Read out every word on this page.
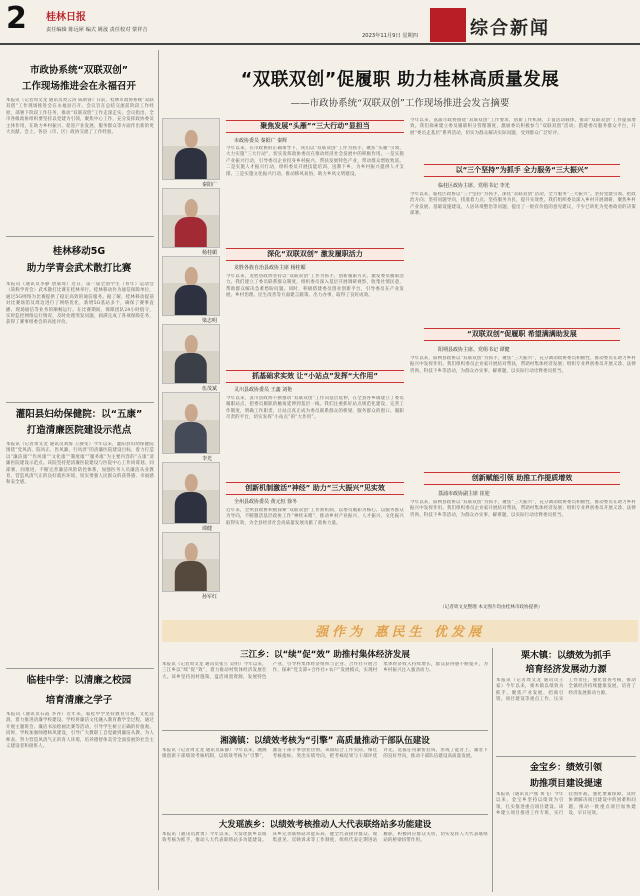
2 桂林日报
责任编辑 陈远犀 编式 姚晟 责任校对 蒙祥吉
2023年11月9日 星期四	综合新闻
市政协系统“双联双创”
工作现场推进会在永福召开
本报讯（记者周文龙 通讯员黄云涛 陈斯睿）日前，桂林市政协系统“双联双创”工作现场推进会在永福县召开。会议旨在总结交流前阶段工作经验，部署下阶段工作任务，推动“双联双创”工作走深走实。会议指出，全市各级政协组织要坚持以党建为引领，聚焦中心工作，充分发挥政协委员主体作用，在助力乡村振兴、促进产业发展、服务群众等方面作出新的更大贡献。会上，各县（市、区）政协交流了工作经验。
桂林移动5G
助力学青会武术散打比赛
本报讯（通讯员李静 唐嘉琦）近日，第一届全国学生（青年）运动会（简称学青会）武术散打比赛在桂林举行。桂林移动作为通信保障单位，通过5G网络为比赛提供了稳定高效的通信服务。据了解，桂林移动提前对比赛场馆及周边进行了网络优化，新增5G基站多个，确保了赛事直播、现场通信等业务的顺畅运行。在比赛期间，保障团队24小时值守，实时监控网络运行情况，及时处理突发问题，圆满完成了各项保障任务，获得了赛事组委会的高度评价。
灌阳县妇幼保健院：以“五康”
打造清廉医院建设示范点
本报讯（记者黄文龙 通讯员刘海 王静雯）今年以来，灌阳县妇幼保健院围绕“党风清、院风正、医风廉、行风淳”的清廉医院建设目标，着力打造以“廉洁康”“作风康”“文化康”“制度康”“服务康”为主要内容的“五康”清廉医院建设示范点。该院坚持把清廉医院建设与医院中心工作同谋划、同部署、同推进，不断完善廉洁风险防控体系，加强医务人员廉洁从业教育，营造风清气正的良好就医环境，切实增强人民群众的获得感、幸福感和安全感。
临桂中学：以清廉之校园
培育清廉之学子
本报讯（通讯员石霞 李谷）近年来，临桂中学坚持教育引领、文化浸润，着力推进清廉学校建设。学校将廉洁文化融入教育教学全过程，通过开展主题班会、廉洁书法绘画比赛等活动，引导学生树立正确的价值观。同时，学校加强师德师风建设，引导广大教职工自觉做到廉洁从教、为人师表，努力营造风清气正的育人环境，培养德智体美劳全面发展的社会主义建设者和接班人。
“双联双创”促履职 助力桂林高质量发展
——市政协系统“双联双创”工作现场推进会发言摘要
秦阳广
杨桂媚
梁志明
伍茂斌
李光
谭健
孙军红
聚焦发展“头雁”“三大行动”显担当
市政协委员 秦阳广 秦辉
今年以来，在市政协的正确领导下，我们以“双联双创”工作为抓手，聚焦“头雁”引领，大力实施“三大行动”，切实发挥政协委员在推动经济社会发展中的积极作用。一是实施产业振兴行动，引导委员企业投身乡村振兴，帮扶发展特色产业，带动群众增收致富。二是实施人才振兴行动，组织委员开展技能培训、送教下乡，为乡村振兴提供人才支撑。三是实施文化振兴行动，推动移风易俗，助力乡风文明建设。
深化“双联双创” 激发履职活力
龙胜各族自治县政协主席 杨桂媚
今年以来，龙胜县政协坚持以“双联双创”工作为抓手，创新履职方式，激发委员履职活力。我们建立了委员联系群众制度，组织委员深入基层开展调研视察，收集社情民意，帮助群众解决急难愁盼问题。同时，积极搭建委员创业创新平台，引导委员在产业发展、乡村治理、民生改善等方面建言献策、出力办事，取得了良好成效。
抓基础求实效 让“小站点”发挥“大作用”
灵川县政协委员 王鑫 刘艳
今年以来，灵川县政协不断推动“双联双创”工作向基层延伸，在全县各乡镇建立了委员履职站点，把委员履职的触角延伸到基层一线。我们注重抓好站点规范化建设，完善工作制度，明确工作职责，让站点真正成为委员联系群众的桥梁、服务群众的窗口、履职尽责的平台，切实发挥“小站点”的“大作用”。
创新机制激活“神经” 助力“三大振兴”见实效
全州县政协委员 黄元恒 徐冬
近年来，全州县政协积极探索“双联双创”工作新机制，以委员履职为核心，以服务群众为导向，不断激活基层政协工作“神经末梢”，推动乡村产业振兴、人才振兴、文化振兴取得实效，为全县经济社会高质量发展贡献了政协力量。
今年以来，荔浦市政协围绕“双联双创”工作要求，创新工作机制，丰富活动载体，推动“双联双创”工作提质增效。我们探索建立委员履职积分管理制度，激励委员积极参与“双联双创”活动；搭建委员服务群众平台，开展“委员走基层”系列活动，切实为群众解决实际问题，受到群众广泛好评。
以“三个坚持”为抓手 全力服务“三大振兴”
临桂区政协主席、党组书记 李光
今年以来，临桂区政协以“三个坚持”为抓手，深化“双联双创”活动，全力服务“三大振兴”。坚持党建引领，把政治方向；坚持问题导向，找准着力点；坚持服务为民，提升实效性。我们组织委员深入乡村开展调研，聚焦乡村产业发展、基础设施建设、人居环境整治等问题，提出了一批有价值的意见建议，不少已转化为党委政府的决策部署。
“双联双创”促履职 希望满满助发展
阳朔县政协主席、党组书记 谭健
今年以来，阳朔县政协以“双联双创”为抓手，聚焦“三大振兴”，充分调动政协委员积极性，推动委员在助力乡村振兴中发挥作用。我们组织委员企业家开展结对帮扶，帮助村集体经济发展；组织专业界别委员开展义诊、法律咨询、科技下乡等活动，为群众办实事、解难题，以实际行动诠释委员担当。
创新赋能引领 助推工作提质增效
荔浦市政协副主席 崔迎
今年以来，阳朔县政协以“双联双创”为抓手，聚焦“三大振兴”，充分调动政协委员积极性，推动委员在助力乡村振兴中发挥作用。我们组织委员企业家开展结对帮扶，帮助村集体经济发展；组织专业界别委员开展义诊、法律咨询、科技下乡等活动，为群众办实事、解难题，以实际行动诠释委员担当。
（记者周文龙整理 本文图片均由桂林市政协提供）
强作为 惠民生 优发展
三江乡：以“续”促“效” 助推村集体经济发展
本报讯（记者周文龙 通讯员张立 吴明）今年以来，三江乡以“续”促“效”，着力推动村集体经济发展壮大。该乡坚持因村施策，盘活闲置资源，发展特色产业，引导村集体经济组织与企业、合作社开展合作，探索“党支部+合作社+农户”发展模式，实现村集体经济收入持续增长，群众获得感不断提升，为乡村振兴注入强劲动力。
湘漓镇：以绩效考核为“引擎” 高质量推动干部队伍建设
本报讯（记者周文龙 通讯员陈静）今年以来，湘漓镇创新干部绩效考核机制，以绩效考核为“引擎”，激发干部干事创业热情。该镇结合工作实际，细化考核指标，突出实绩导向，把考核结果与干部评优评先、选拔任用紧密挂钩，形成了能者上、庸者下的良好导向，推动干部队伍建设高质量发展。
大发瑶族乡：以绩效考核推动人大代表联络站多功能建设
本报讯（通讯员唐勇）今年以来，大发瑶族乡以绩效考核为抓手，推动人大代表联络站多功能建设。该乡完善联络站功能布局，健全代表接待群众、收集意见、反映诉求等工作制度，组织代表定期进站履职，积极回应群众关切，切实发挥人大代表联络站的桥梁纽带作用。
栗木镇：以绩效为抓手
培育经济发展动力源
本报讯（记者周文龙 通讯员王家）今年以来，栗木镇以绩效为抓手，聚焦产业发展、招商引资、项目建设等重点工作，压实工作责任，强化督查考核，推动全镇经济持续健康发展，培育了经济发展新动力源。
金宝乡：绩效引领
助推项目建设提速
本报讯（通讯员卢燕 黄飞）今年以来，金宝乡坚持以绩效为引领，扎实推进重点项目建设。该乡建立项目推进工作专班，实行挂图作战，强化要素保障，及时协调解决项目建设中的困难和问题，推动一批重点项目加快建设、早日见效。
